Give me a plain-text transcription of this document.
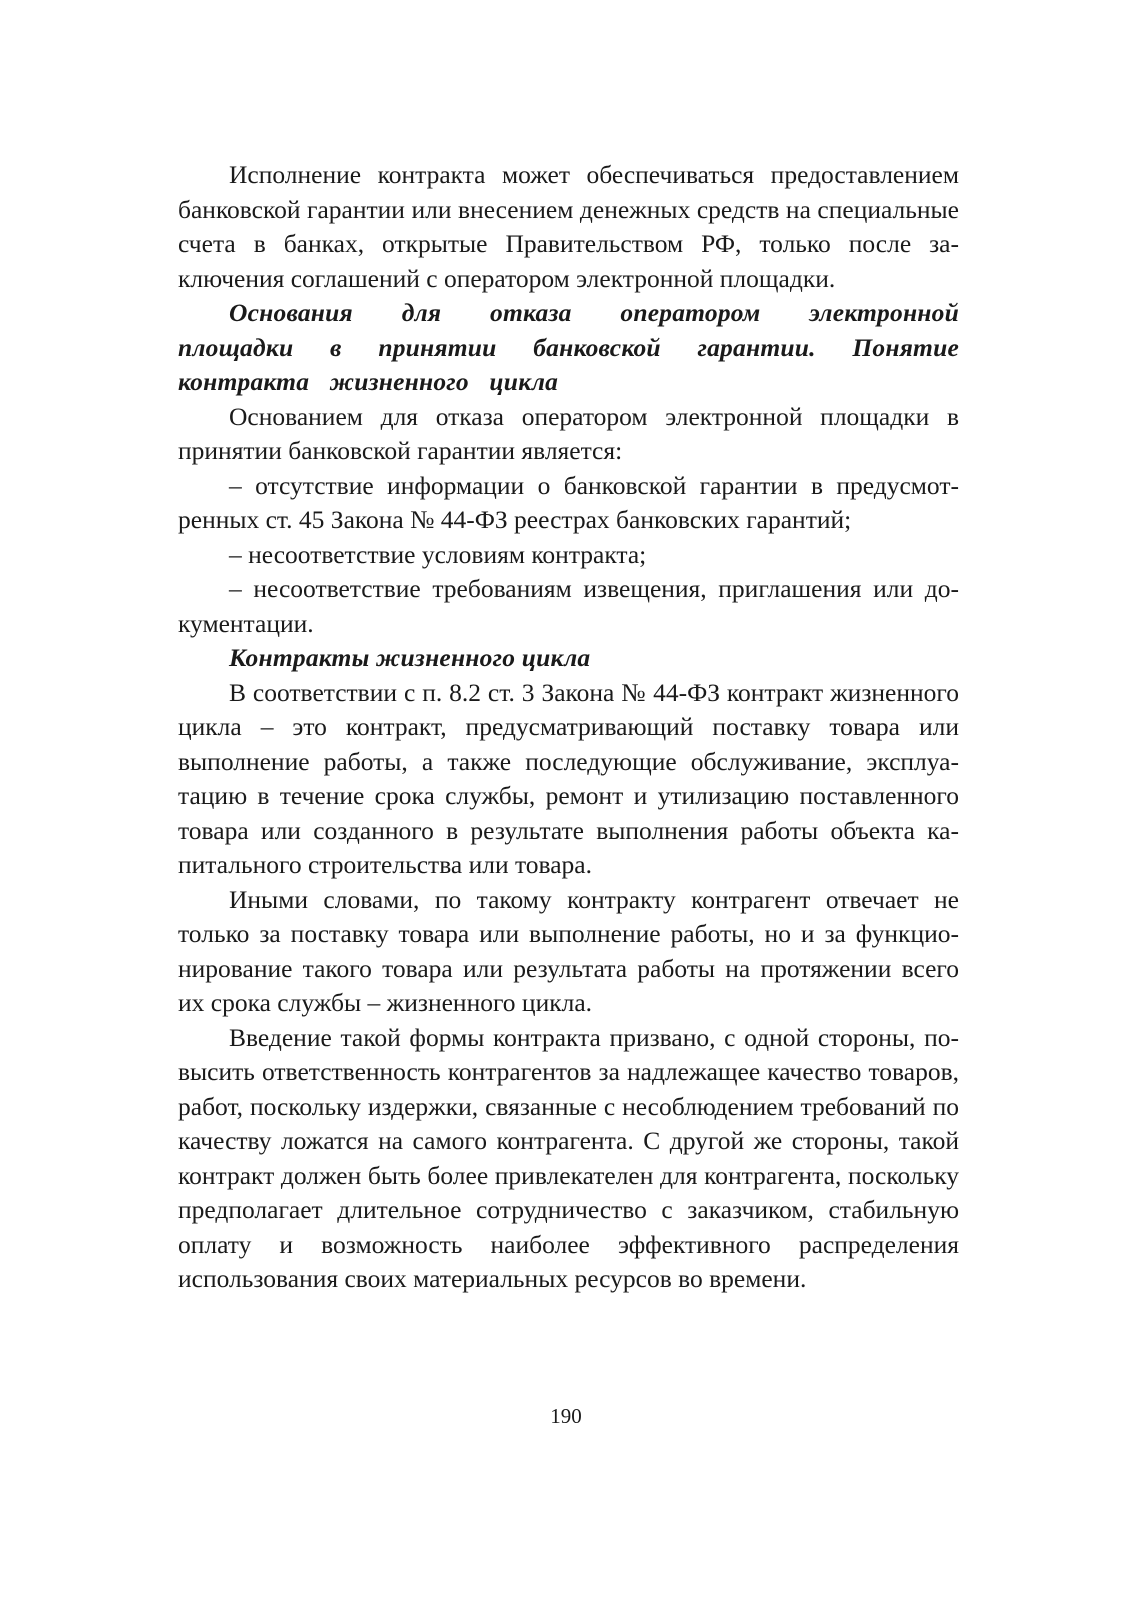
Исполнение контракта может обеспечиваться предоставлением банковской гарантии или внесением денежных средств на специальные счета в банках, открытые Правительством РФ, только после заключения соглашений с оператором электронной площадки.

Основания для отказа оператором электронной площадки в принятии банковской гарантии. Понятие контракта жизненного цикла

Основанием для отказа оператором электронной площадки в принятии банковской гарантии является:

– отсутствие информации о банковской гарантии в предусмотренных ст. 45 Закона № 44-ФЗ реестрах банковских гарантий;

– несоответствие условиям контракта;

– несоответствие требованиям извещения, приглашения или документации.

Контракты жизненного цикла

В соответствии с п. 8.2 ст. 3 Закона № 44-ФЗ контракт жизненного цикла – это контракт, предусматривающий поставку товара или выполнение работы, а также последующие обслуживание, эксплуатацию в течение срока службы, ремонт и утилизацию поставленного товара или созданного в результате выполнения работы объекта капитального строительства или товара.

Иными словами, по такому контракту контрагент отвечает не только за поставку товара или выполнение работы, но и за функционирование такого товара или результата работы на протяжении всего их срока службы – жизненного цикла.

Введение такой формы контракта призвано, с одной стороны, повысить ответственность контрагентов за надлежащее качество товаров, работ, поскольку издержки, связанные с несоблюдением требований по качеству ложатся на самого контрагента. С другой же стороны, такой контракт должен быть более привлекателен для контрагента, поскольку предполагает длительное сотрудничество с заказчиком, стабильную оплату и возможность наиболее эффективного распределения использования своих материальных ресурсов во времени.

190
